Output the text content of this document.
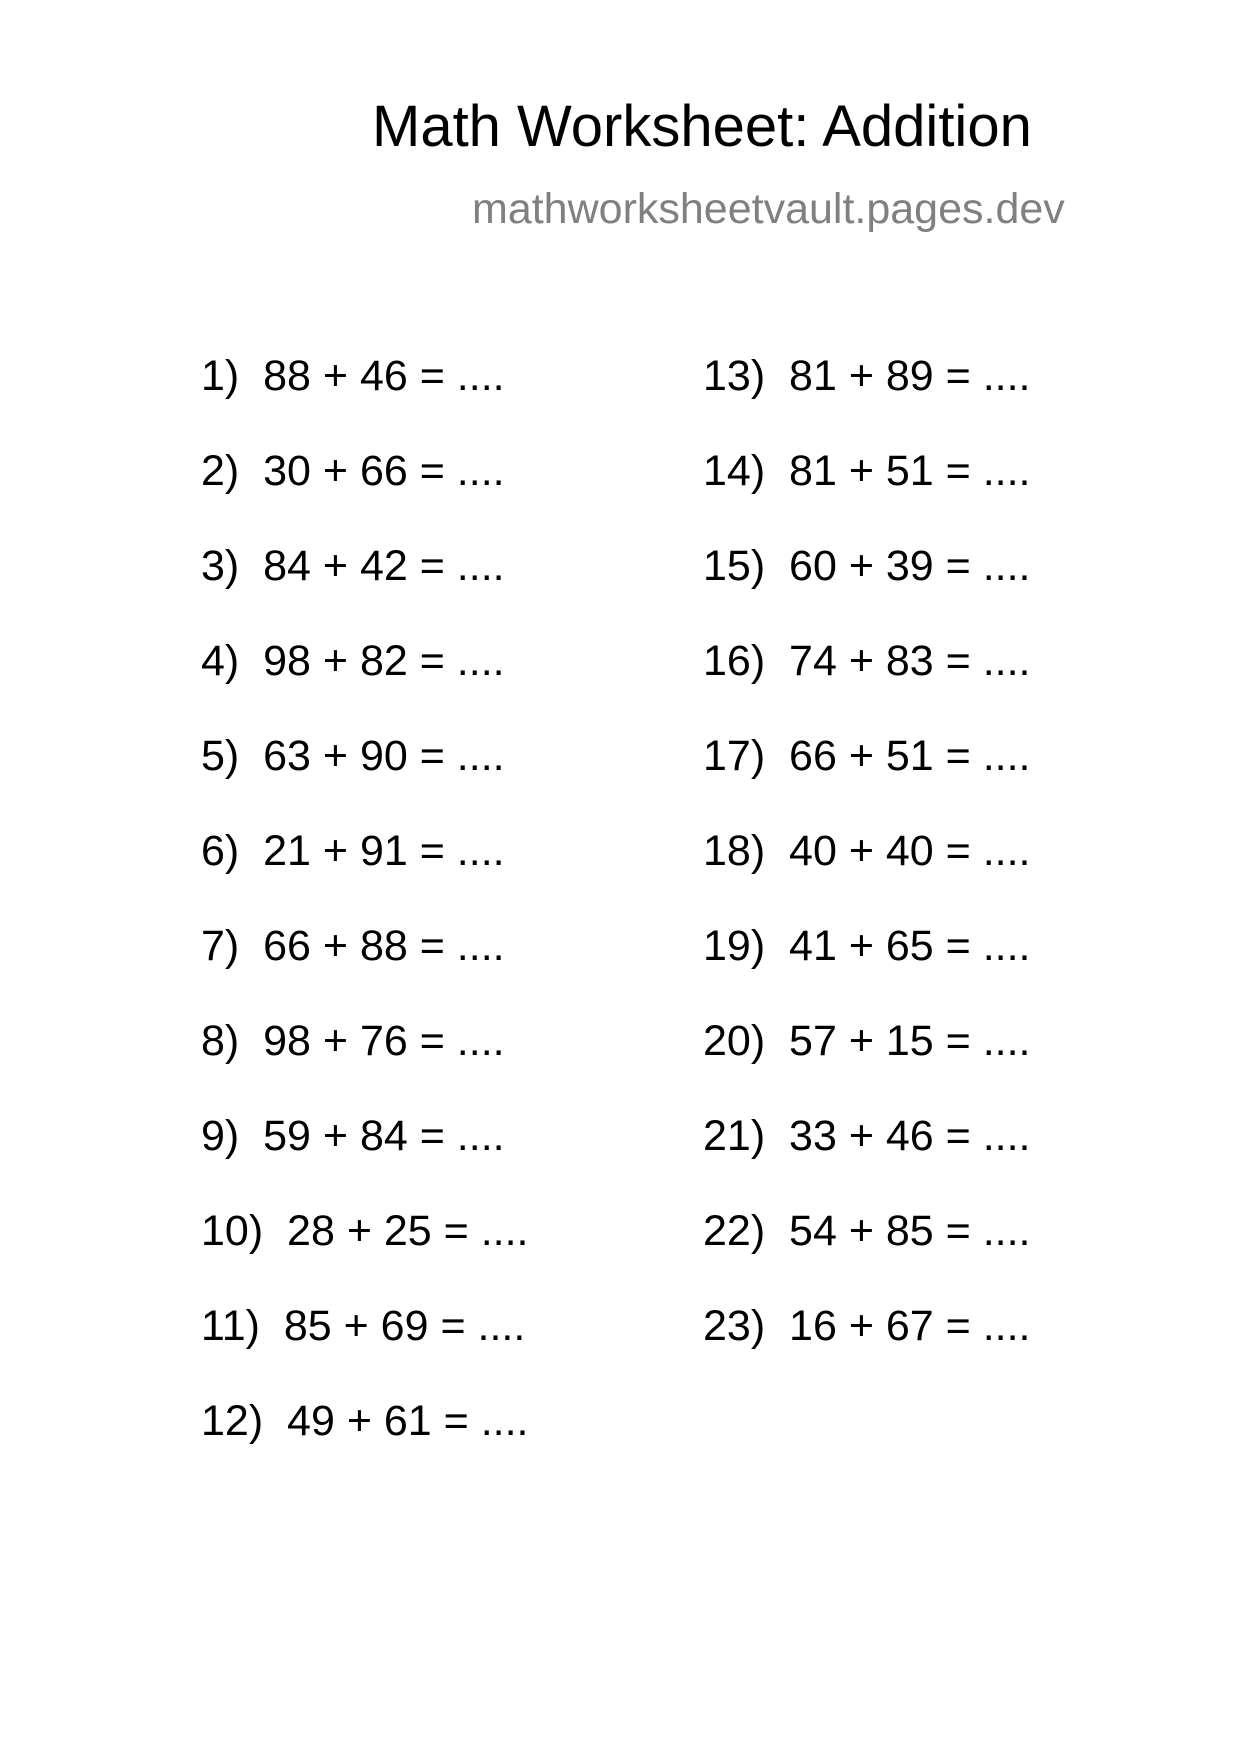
Math Worksheet: Addition
mathworksheetvault.pages.dev
1)  88 + 46 = ....
2)  30 + 66 = ....
3)  84 + 42 = ....
4)  98 + 82 = ....
5)  63 + 90 = ....
6)  21 + 91 = ....
7)  66 + 88 = ....
8)  98 + 76 = ....
9)  59 + 84 = ....
10)  28 + 25 = ....
11)  85 + 69 = ....
12)  49 + 61 = ....
13)  81 + 89 = ....
14)  81 + 51 = ....
15)  60 + 39 = ....
16)  74 + 83 = ....
17)  66 + 51 = ....
18)  40 + 40 = ....
19)  41 + 65 = ....
20)  57 + 15 = ....
21)  33 + 46 = ....
22)  54 + 85 = ....
23)  16 + 67 = ....
